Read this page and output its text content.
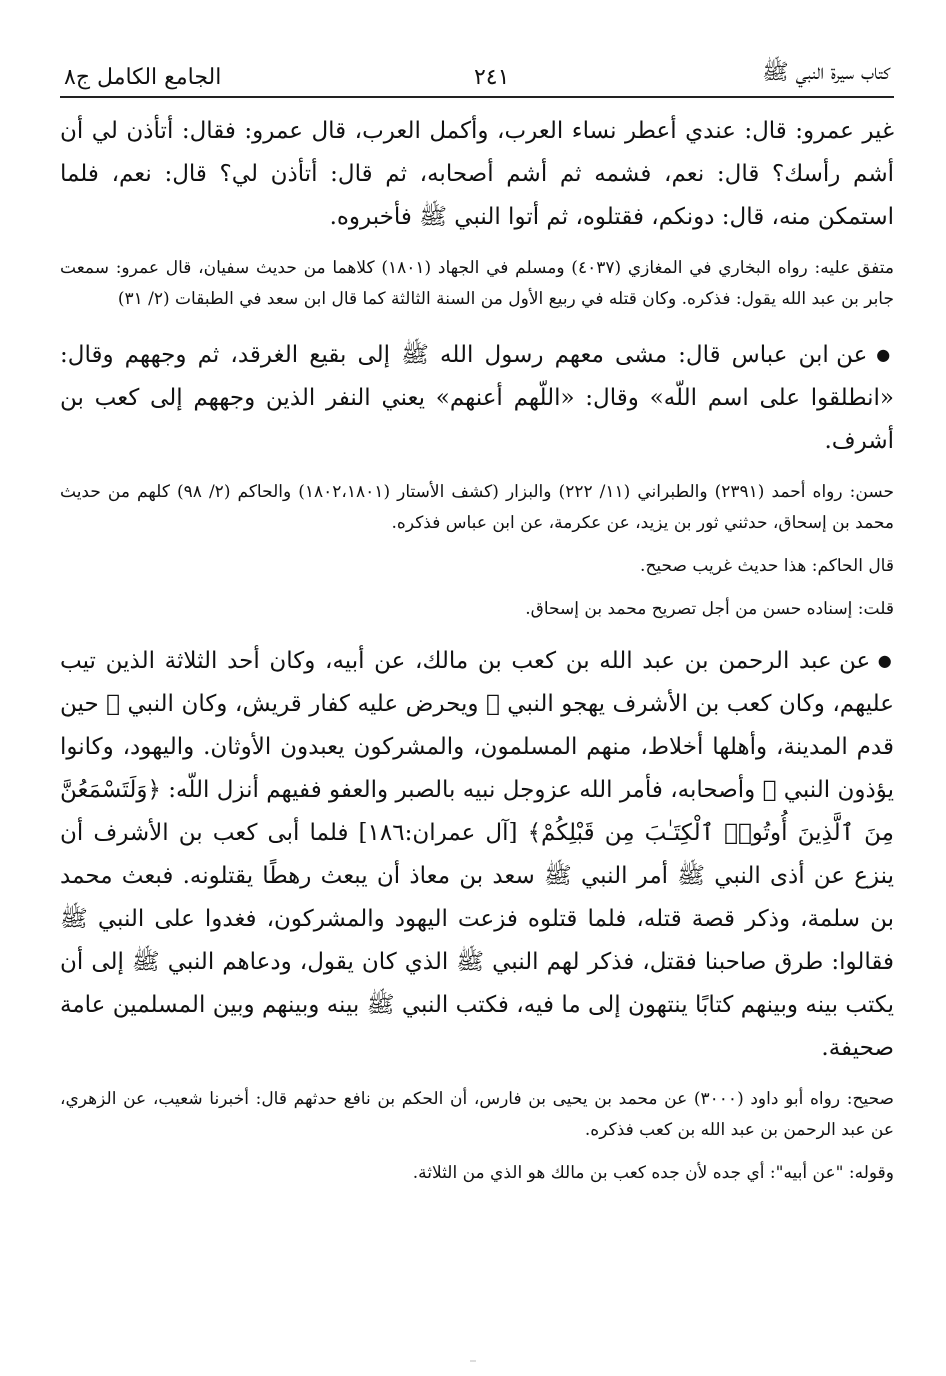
كتاب سيرة النبي ﷺ
٢٤١
الجامع الكامل ج٨

غير عمرو: قال: عندي أعطر نساء العرب، وأكمل العرب، قال عمرو: فقال: أتأذن لي أن أشم رأسك؟ قال: نعم، فشمه ثم أشم أصحابه، ثم قال: أتأذن لي؟ قال: نعم، فلما استمكن منه، قال: دونكم، فقتلوه، ثم أتوا النبي ﷺ فأخبروه.

متفق عليه: رواه البخاري في المغازي (٤٠٣٧) ومسلم في الجهاد (١٨٠١) كلاهما من حديث سفيان، قال عمرو: سمعت جابر بن عبد الله يقول: فذكره. وكان قتله في ربيع الأول من السنة الثالثة كما قال ابن سعد في الطبقات (٢/ ٣١)

● عن ابن عباس قال: مشى معهم رسول الله ﷺ إلى بقيع الغرقد، ثم وجههم وقال: «انطلقوا على اسم اللّه» وقال: «اللّهم أعنهم» يعني النفر الذين وجههم إلى كعب بن أشرف.

حسن: رواه أحمد (٢٣٩١) والطبراني (١١/ ٢٢٢) والبزار (كشف الأستار (١٨٠٢،١٨٠١) والحاكم (٢/ ٩٨) كلهم من حديث محمد بن إسحاق، حدثني ثور بن يزيد، عن عكرمة، عن ابن عباس فذكره.

قال الحاكم: هذا حديث غريب صحيح.

قلت: إسناده حسن من أجل تصريح محمد بن إسحاق.

● عن عبد الرحمن بن عبد الله بن كعب بن مالك، عن أبيه، وكان أحد الثلاثة الذين تيب عليهم، وكان كعب بن الأشرف يهجو النبي ﷺ ويحرض عليه كفار قريش، وكان النبي ﷺ حين قدم المدينة، وأهلها أخلاط، منهم المسلمون، والمشركون يعبدون الأوثان. واليهود، وكانوا يؤذون النبي ﷺ وأصحابه، فأمر الله عزوجل نبيه بالصبر والعفو ففيهم أنزل اللّه: ﴿وَلَتَسْمَعُنَّ مِنَ ٱلَّذِينَ أُوتُوا۟ ٱلْكِتَـٰبَ مِن قَبْلِكُمْ﴾ [آل عمران:١٨٦] فلما أبى كعب بن الأشرف أن ينزع عن أذى النبي ﷺ أمر النبي ﷺ سعد بن معاذ أن يبعث رهطًا يقتلونه. فبعث محمد بن سلمة، وذكر قصة قتله، فلما قتلوه فزعت اليهود والمشركون، فغدوا على النبي ﷺ فقالوا: طرق صاحبنا فقتل، فذكر لهم النبي ﷺ الذي كان يقول، ودعاهم النبي ﷺ إلى أن يكتب بينه وبينهم كتابًا ينتهون إلى ما فيه، فكتب النبي ﷺ بينه وبينهم وبين المسلمين عامة صحيفة.

صحيح: رواه أبو داود (٣٠٠٠) عن محمد بن يحيى بن فارس، أن الحكم بن نافع حدثهم قال: أخبرنا شعيب، عن الزهري، عن عبد الرحمن بن عبد الله بن كعب فذكره.

وقوله: "عن أبيه": أي جده لأن جده كعب بن مالك هو الذي من الثلاثة.
